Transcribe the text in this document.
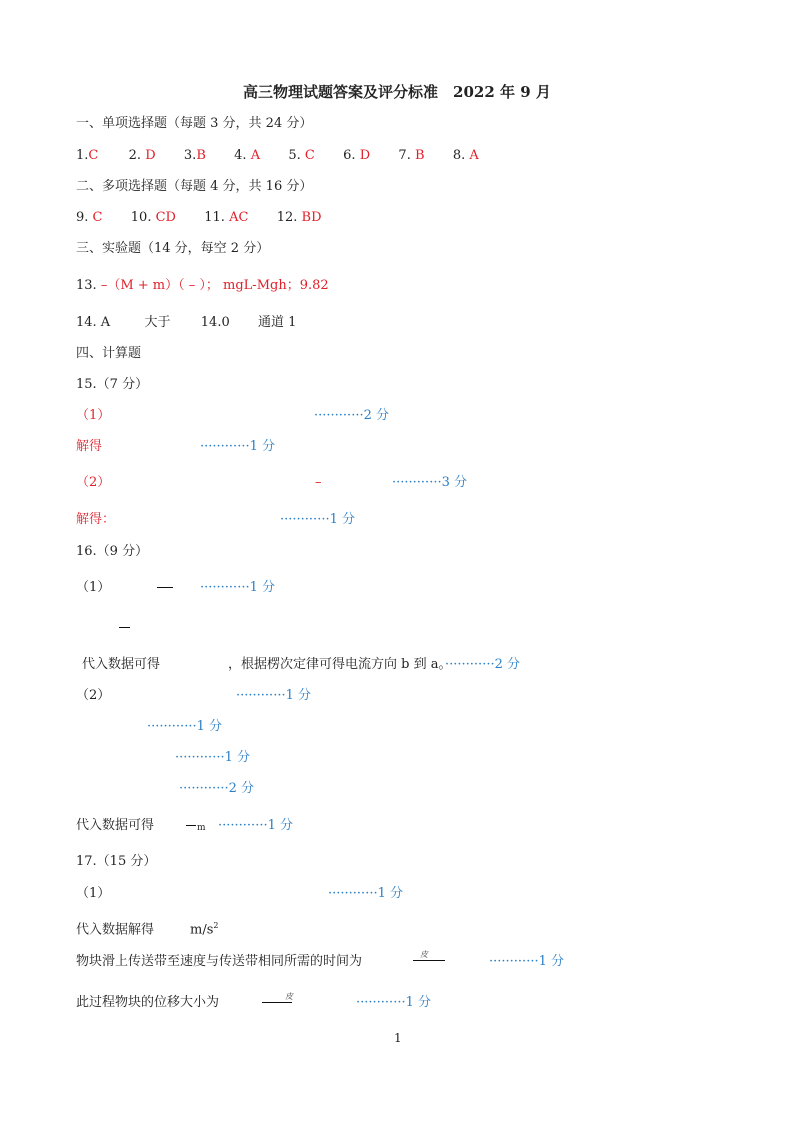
高三物理试题答案及评分标准　2022 年 9 月
一、单项选择题（每题 3 分，共 24 分）
1.C 2. D 3.B 4. A 5. C 6. D 7. B 8. A
二、多项选择题（每题 4 分，共 16 分）
9. C 10. CD 11. AC 12. BD
三、实验题（14 分，每空 2 分）
13. –（M + m）（ – ）； mgL-Mgh；9.82
14. A	大于 14.0 通道 1
四、计算题
15.（7 分）
（1）	············2 分
解得	············1 分
（2）	–	············3 分
解得：	············1 分
16.（9 分）
（1）	············1 分
代入数据可得	，根据楞次定律可得电流方向 b 到 a。············2 分
（2）	············1 分
············1 分
············1 分
············2 分
代入数据可得	m ············1 分
17.（15 分）
（1）	············1 分
代入数据解得	$m/s^2$
物块滑上传送带至速度与传送带相同所需的时间为	皮	············1 分
此过程物块的位移大小为	皮	············1 分
1
